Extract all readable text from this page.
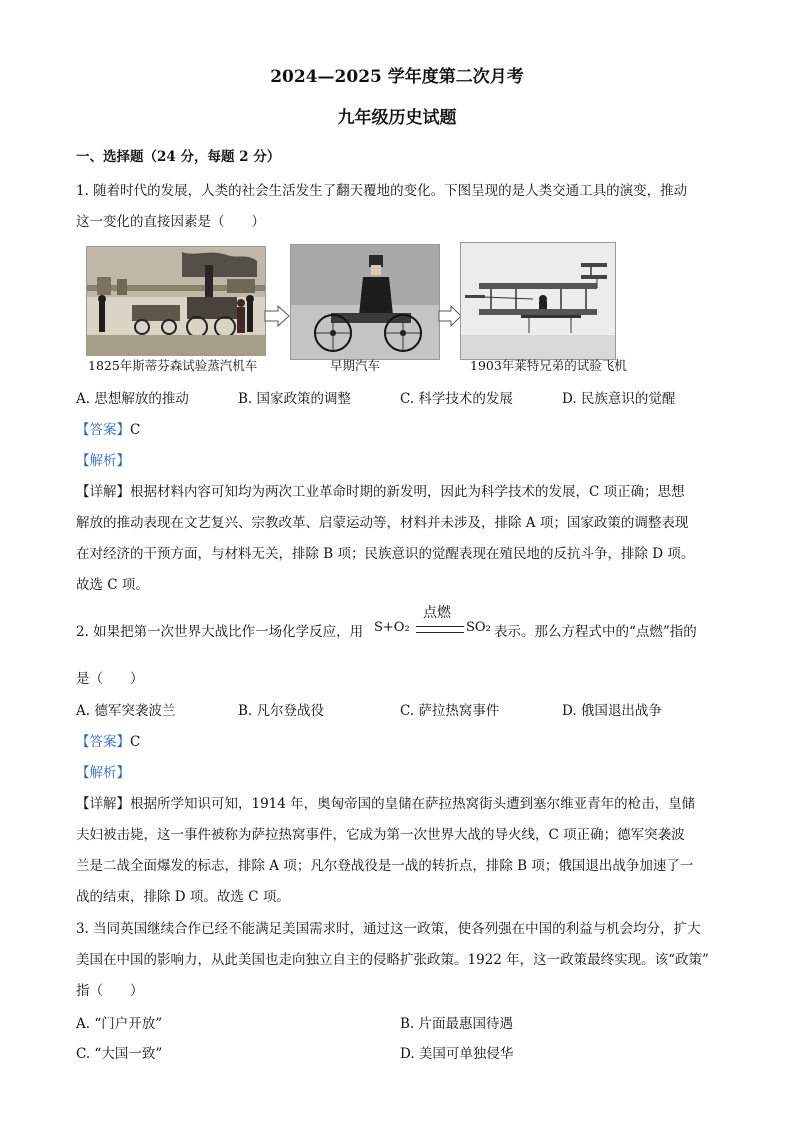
2024—2025 学年度第二次月考
九年级历史试题
一、选择题（24 分，每题 2 分）
1. 随着时代的发展，人类的社会生活发生了翻天覆地的变化。下图呈现的是人类交通工具的演变，推动
这一变化的直接因素是（　　）
1825年斯蒂芬森试验蒸汽机车	早期汽车	1903年莱特兄弟的试验飞机
A. 思想解放的推动	B. 国家政策的调整	C. 科学技术的发展	D. 民族意识的觉醒
【答案】C
【解析】
【详解】根据材料内容可知均为两次工业革命时期的新发明，因此为科学技术的发展，C 项正确；思想
解放的推动表现在文艺复兴、宗教改革、启蒙运动等，材料并未涉及，排除 A 项；国家政策的调整表现
在对经济的干预方面，与材料无关，排除 B 项；民族意识的觉醒表现在殖民地的反抗斗争，排除 D 项。
故选 C 项。
2. 如果把第一次世界大战比作一场化学反应，用 S+O₂
点燃
SO₂ 表示。那么方程式中的“点燃”指的
是（　　）
A. 德军突袭波兰	B. 凡尔登战役	C. 萨拉热窝事件	D. 俄国退出战争
【答案】C
【解析】
【详解】根据所学知识可知，1914 年，奥匈帝国的皇储在萨拉热窝街头遭到塞尔维亚青年的枪击，皇储
夫妇被击毙，这一事件被称为萨拉热窝事件，它成为第一次世界大战的导火线，C 项正确；德军突袭波
兰是二战全面爆发的标志，排除 A 项；凡尔登战役是一战的转折点，排除 B 项；俄国退出战争加速了一
战的结束，排除 D 项。故选 C 项。
3. 当同英国继续合作已经不能满足美国需求时，通过这一政策，使各列强在中国的利益与机会均分，扩大
美国在中国的影响力，从此美国也走向独立自主的侵略扩张政策。1922 年，这一政策最终实现。该“政策”
指（　　）
A. “门户开放”	B. 片面最惠国待遇
C. “大国一致”	D. 美国可单独侵华
